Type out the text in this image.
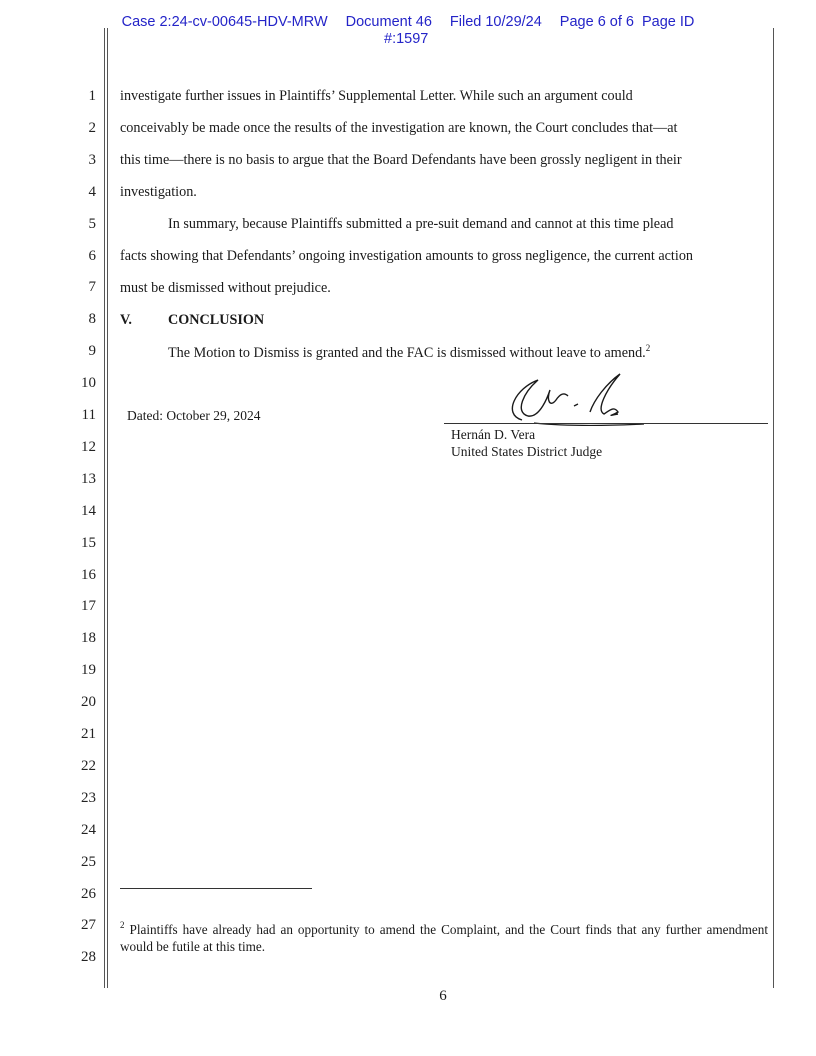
Case 2:24-cv-00645-HDV-MRW Document 46 Filed 10/29/24 Page 6 of 6 Page ID
#:1597
1
2
3
4
5
6
7
8
9
10
11
12
13
14
15
16
17
18
19
20
21
22
23
24
25
26
27
28
investigate further issues in Plaintiffs’ Supplemental Letter. While such an argument could
conceivably be made once the results of the investigation are known, the Court concludes that—at
this time—there is no basis to argue that the Board Defendants have been grossly negligent in their
investigation.
In summary, because Plaintiffs submitted a pre-suit demand and cannot at this time plead
facts showing that Defendants’ ongoing investigation amounts to gross negligence, the current action
must be dismissed without prejudice.
V.	CONCLUSION
The Motion to Dismiss is granted and the FAC is dismissed without leave to amend.$^2$
Dated: October 29, 2024
Hernán D. Vera
United States District Judge
$^2$ Plaintiffs have already had an opportunity to amend the Complaint, and the Court finds that any further amendment would be futile at this time.
6
